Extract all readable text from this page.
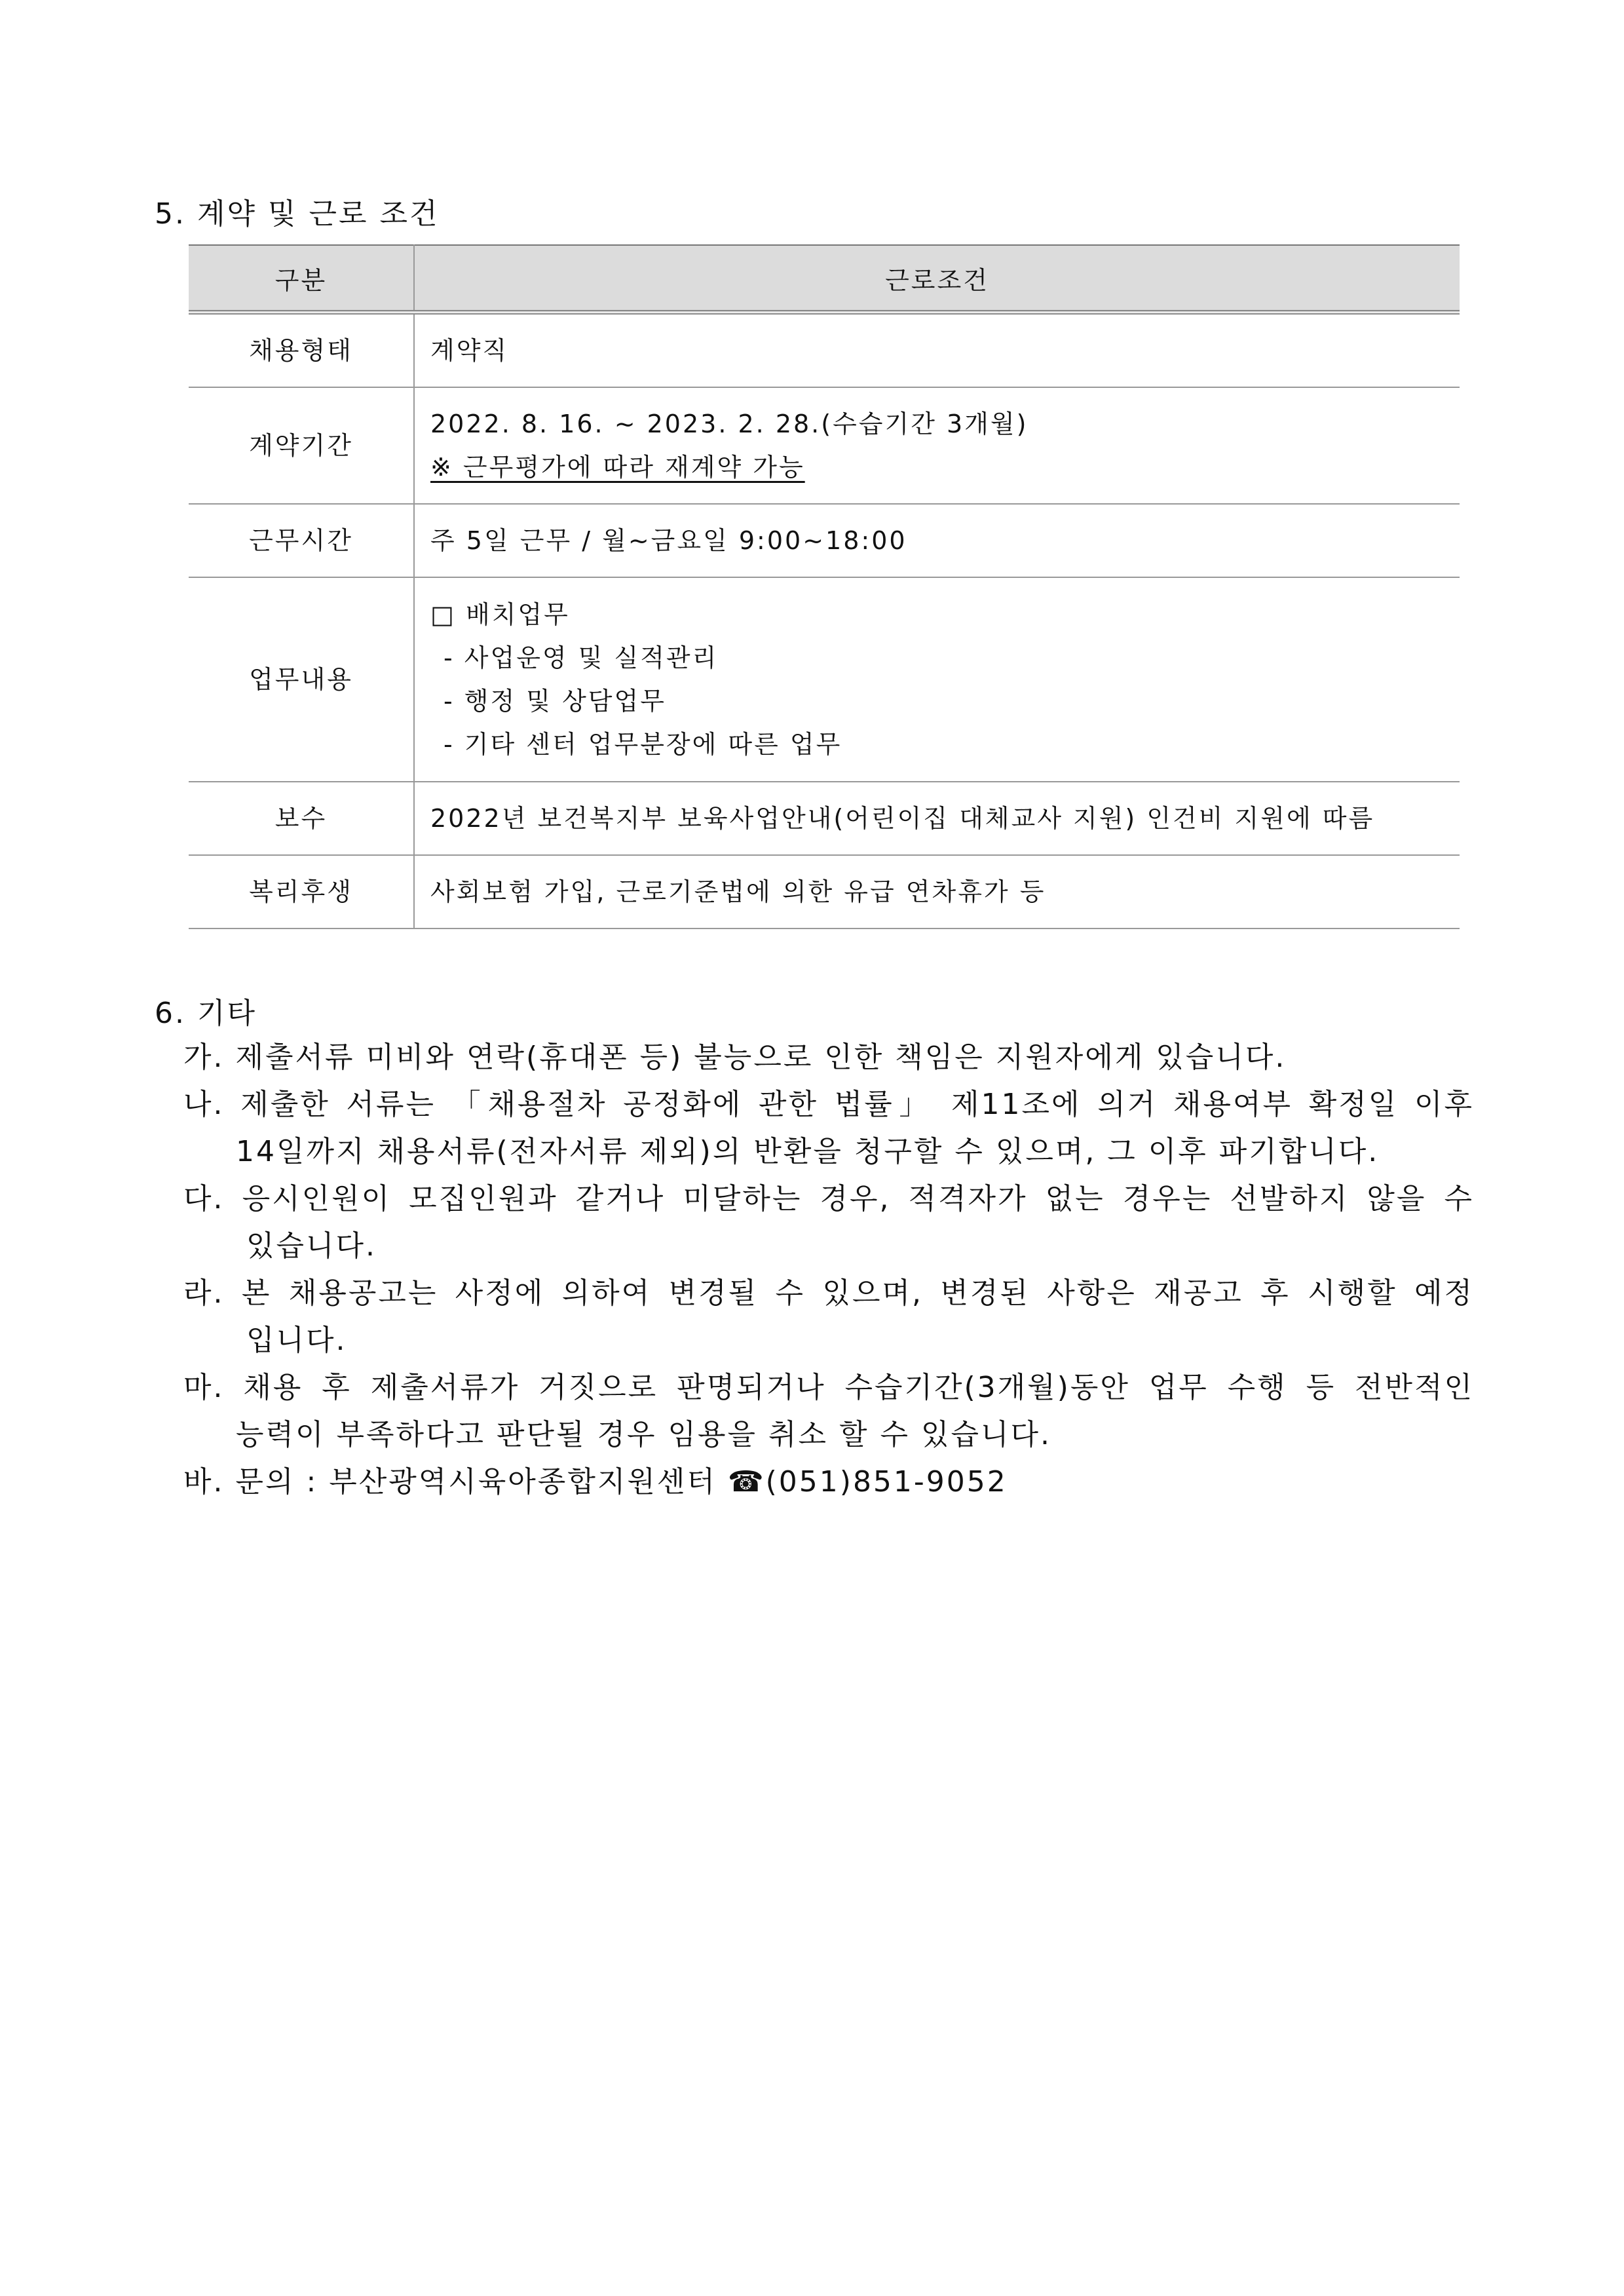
5. 계약 및 근로 조건
구분	근로조건
채용형태	계약직

계약기간	2022. 8. 16. ~ 2023. 2. 28.(수습기간 3개월)
※ 근무평가에 따라 재계약 가능

근무시간	주 5일 근무 / 월~금요일 9:00~18:00

업무내용	□ 배치업무
- 사업운영 및 실적관리
- 행정 및 상담업무
- 기타 센터 업무분장에 따른 업무

보수	2022년 보건복지부 보육사업안내(어린이집 대체교사 지원) 인건비 지원에 따름

복리후생	사회보험 가입, 근로기준법에 의한 유급 연차휴가 등
6. 기타
가. 제출서류 미비와 연락(휴대폰 등) 불능으로 인한 책임은 지원자에게 있습니다.
나. 제출한 서류는 「채용절차 공정화에 관한 법률」 제11조에 의거 채용여부 확정일 이후
14일까지 채용서류(전자서류 제외)의 반환을 청구할 수 있으며, 그 이후 파기합니다.
다. 응시인원이 모집인원과 같거나 미달하는 경우, 적격자가 없는 경우는 선발하지 않을 수
있습니다.
라. 본 채용공고는 사정에 의하여 변경될 수 있으며, 변경된 사항은 재공고 후 시행할 예정
입니다.
마. 채용 후 제출서류가 거짓으로 판명되거나 수습기간(3개월)동안 업무 수행 등 전반적인
능력이 부족하다고 판단될 경우 임용을 취소 할 수 있습니다.
바. 문의 : 부산광역시육아종합지원센터 ☎(051)851-9052
